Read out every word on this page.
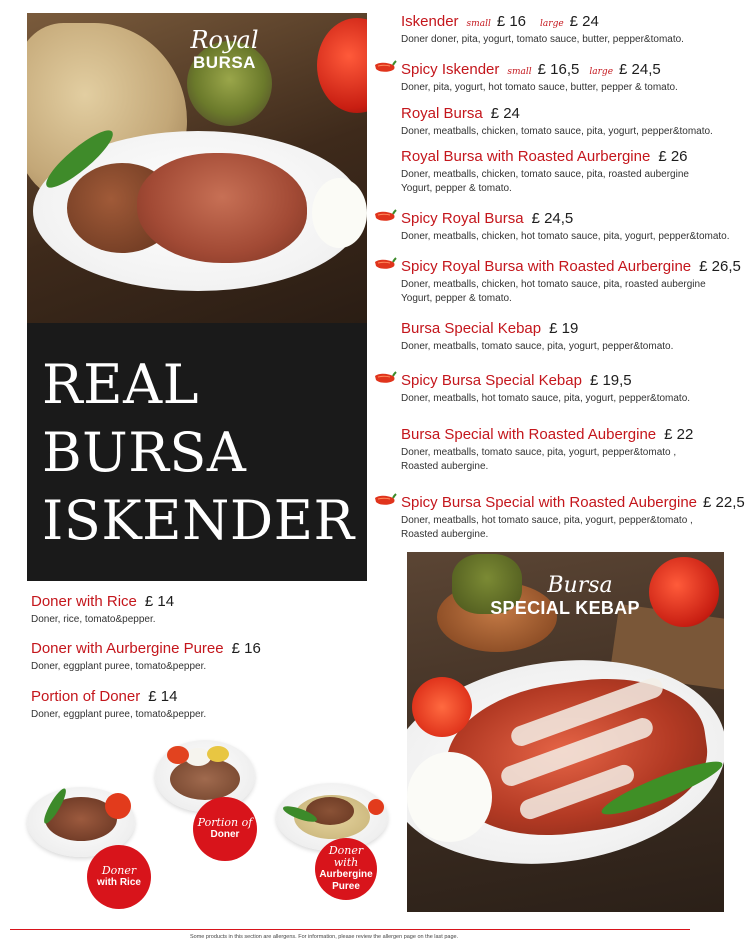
Royal
BURSA
REAL
BURSA
ISKENDER
Iskender small £ 16 large £ 24
Doner doner, pita, yogurt, tomato sauce, butter, pepper&tomato.
Spicy Iskender small £ 16,5 large £ 24,5
Doner, pita, yogurt, hot tomato sauce, butter, pepper & tomato.
Royal Bursa £ 24
Doner, meatballs, chicken, tomato sauce, pita, yogurt, pepper&tomato.
Royal Bursa with Roasted Aurbergine £ 26
Doner, meatballs, chicken, tomato sauce, pita, roasted aubergine
Yogurt, pepper & tomato.
Spicy Royal Bursa £ 24,5
Doner, meatballs, chicken, hot tomato sauce, pita, yogurt, pepper&tomato.
Spicy Royal Bursa with Roasted Aurbergine £ 26,5
Doner, meatballs, chicken, hot tomato sauce, pita, roasted aubergine
Yogurt, pepper & tomato.
Bursa Special Kebap £ 19
Doner, meatballs, tomato sauce, pita, yogurt, pepper&tomato.
Spicy Bursa Special Kebap £ 19,5
Doner, meatballs, hot tomato sauce, pita, yogurt, pepper&tomato.
Bursa Special with Roasted Aubergine £ 22
Doner, meatballs, tomato sauce, pita, yogurt, pepper&tomato ,
Roasted aubergine.
Spicy Bursa Special with Roasted Aubergine £ 22,5
Doner, meatballs, hot tomato sauce, pita, yogurt, pepper&tomato ,
Roasted aubergine.
Doner with Rice £ 14
Doner, rice, tomato&pepper.
Doner with Aurbergine Puree £ 16
Doner, eggplant puree, tomato&pepper.
Portion of Doner £ 14
Doner, eggplant puree, tomato&pepper.
Doner
with Rice
Portion of
Doner
Doner with
Aurbergine
Puree
Bursa
SPECIAL KEBAP
Some products in this section are allergens. For information, please review the allergen page on the last page.
